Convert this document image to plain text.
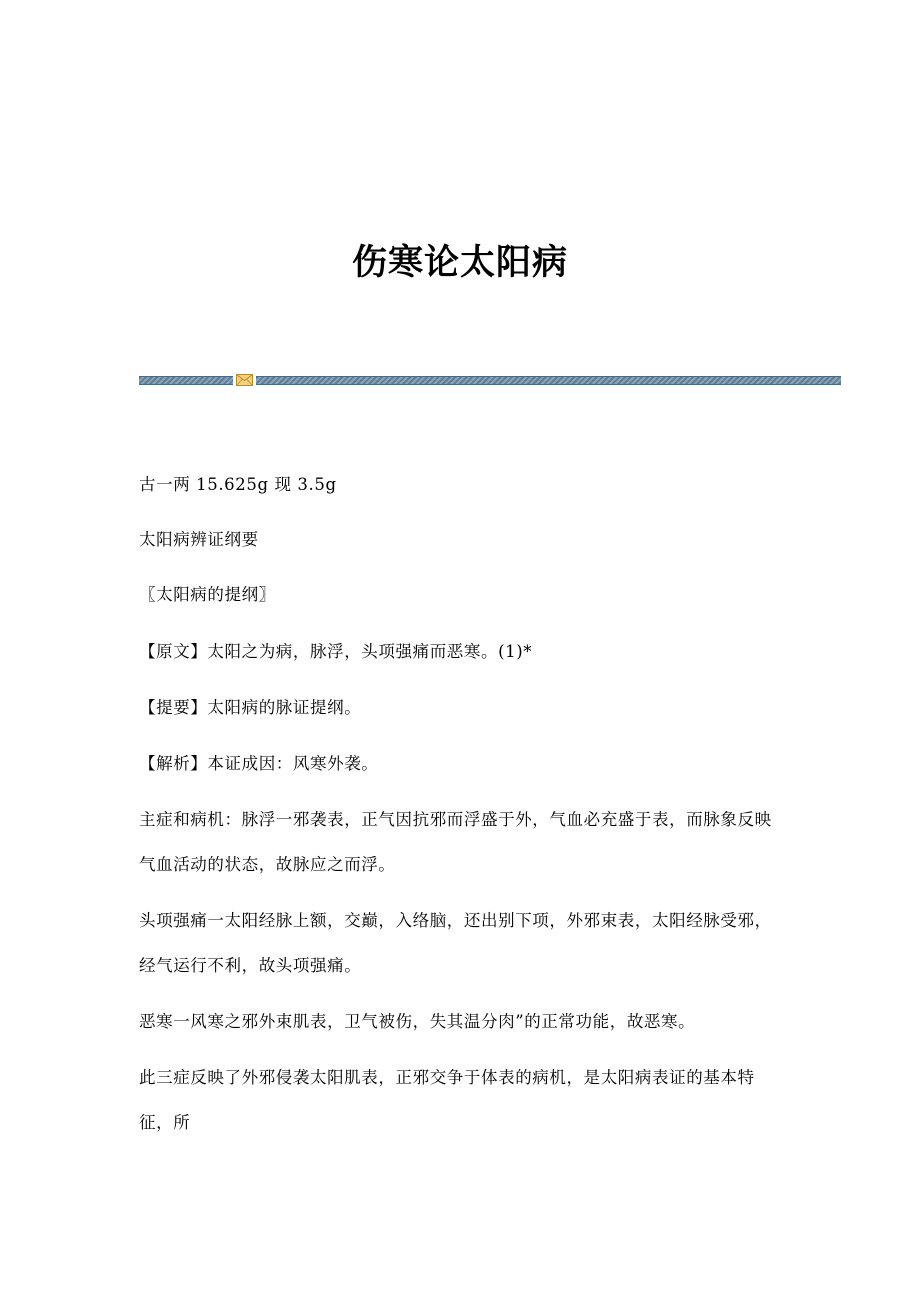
伤寒论太阳病

古一两 15.625g 现 3.5g

太阳病辨证纲要

〖太阳病的提纲〗

【原文】太阳之为病，脉浮，头项强痛而恶寒。(1)*

【提要】太阳病的脉证提纲。

【解析】本证成因：风寒外袭。

主症和病机：脉浮一邪袭表，正气因抗邪而浮盛于外，气血必充盛于表，而脉象反映气血活动的状态，故脉应之而浮。

头项强痛一太阳经脉上额，交巅，入络脑，还出别下项，外邪束表，太阳经脉受邪，经气运行不利，故头项强痛。

恶寒一风寒之邪外束肌表，卫气被伤，失其温分肉”的正常功能，故恶寒。

此三症反映了外邪侵袭太阳肌表，正邪交争于体表的病机，是太阳病表证的基本特征，所
